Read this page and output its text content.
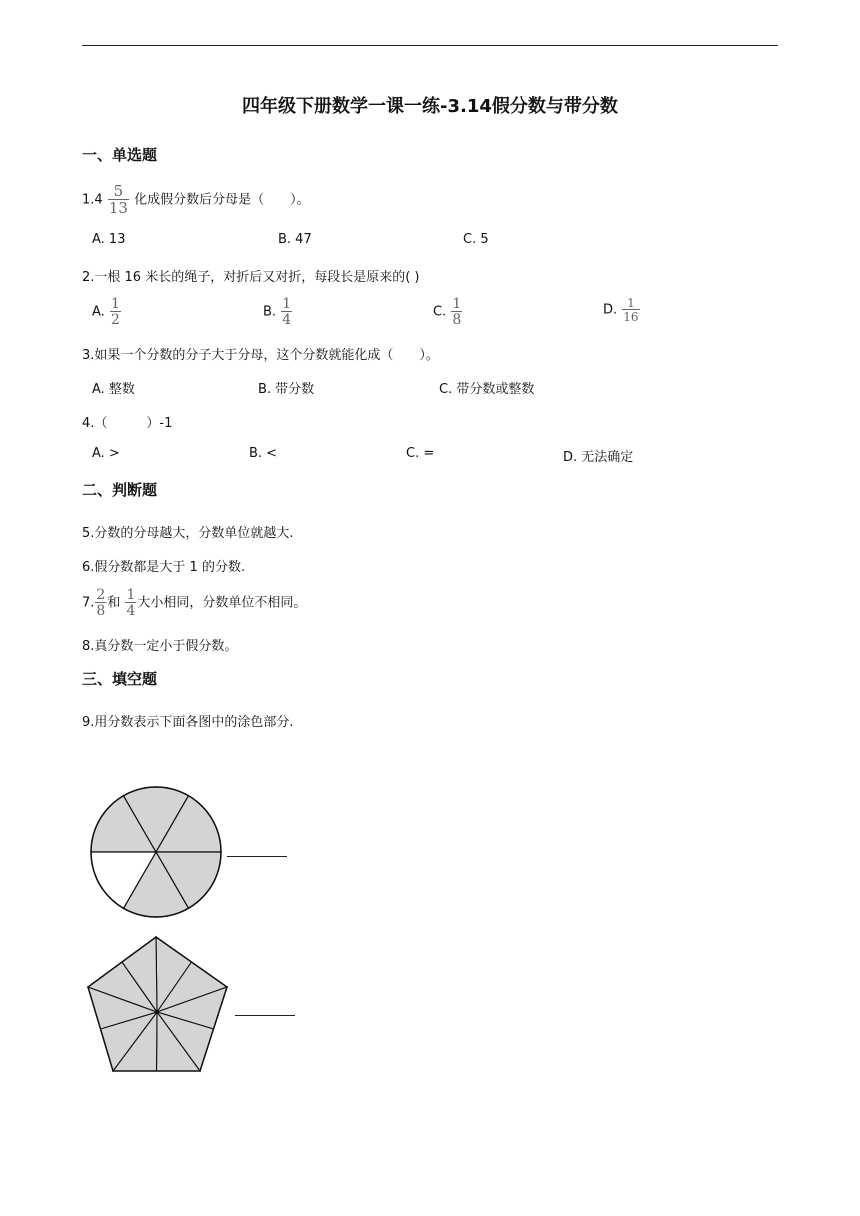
四年级下册数学一课一练-3.14假分数与带分数
一、单选题
$1.4 \frac{5}{13}$ 化成假分数后分母是（　　）。
A. 13	B. 47	C. 5
2.一根 16 米长的绳子，对折后又对折，每段长是原来的( )
A. $\frac{1}{2}$	B. $\frac{1}{4}$	C. $\frac{1}{8}$	D. $\frac{1}{16}$
3.如果一个分数的分子大于分母，这个分数就能化成（　　）。
A. 整数	B. 带分数	C. 带分数或整数
4.（　　　）-1
A. >	B. <	C. =	D. 无法确定
二、判断题
5.分数的分母越大，分数单位就越大.
6.假分数都是大于 1 的分数.
7. $\frac{2}{8}$ 和 $\frac{1}{4}$ 大小相同，分数单位不相同。
8.真分数一定小于假分数。
三、填空题
9.用分数表示下面各图中的涂色部分.
